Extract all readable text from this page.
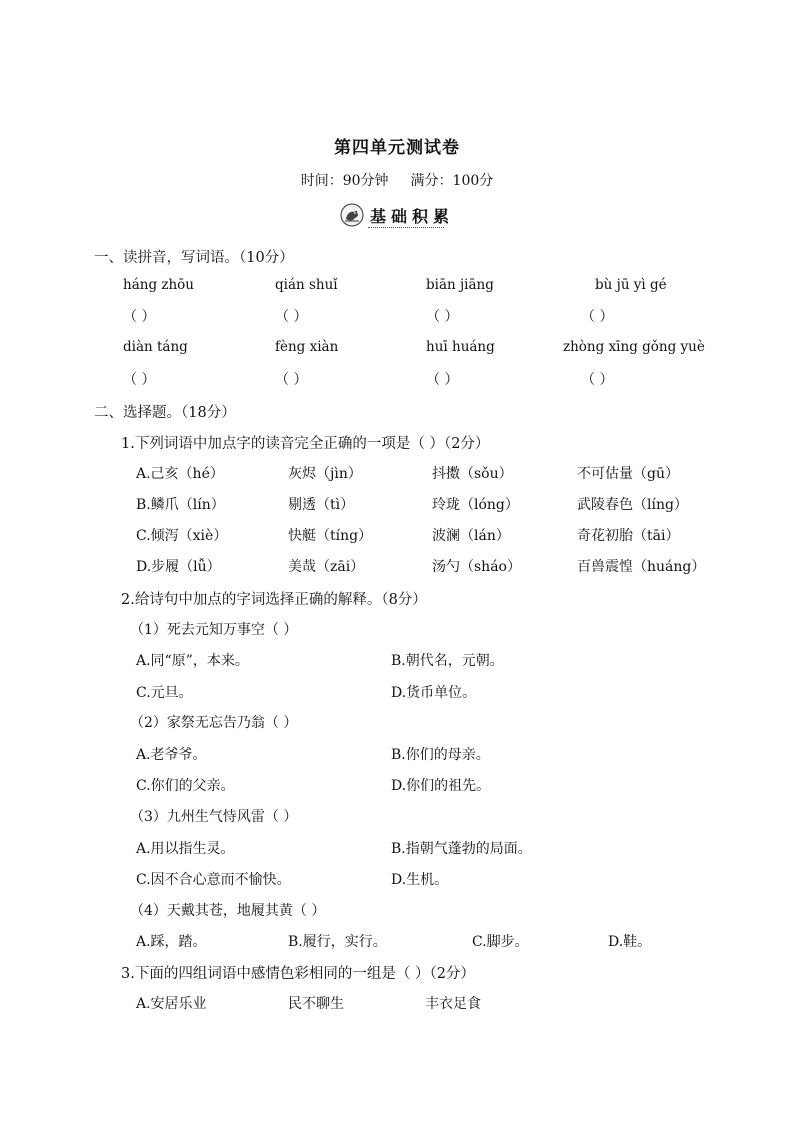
第四单元测试卷
时间：90分钟 满分：100分
基础积累
一、读拼音，写词语。（10分）
háng zhōu	qián shuǐ	biān jiāng	bù jū yì gé
（ ）	（ ）	（ ）	（ ）
diàn táng	fèng xiàn	huī huáng	zhòng xīng gǒng yuè
（ ）	（ ）	（ ）	（ ）
二、选择题。（18分）
1.下列词语中加点字的读音完全正确的一项是（ ）（2分）
A.己亥（hé）	灰烬（jìn）	抖擞（sǒu）	不可估量（gū）
B.鳞爪（lín）	剔透（tì）	玲珑（lóng）	武陵春色（líng）
C.倾泻（xiè）	快艇（tíng）	波澜（lán）	奇花初胎（tāi）
D.步履（lǚ）	美哉（zāi）	汤勺（sháo）	百兽震惶（huáng）
2.给诗句中加点的字词选择正确的解释。（8分）
（1）死去元知万事空（ ）
A.同“原”，本来。	B.朝代名，元朝。
C.元旦。	D.货币单位。
（2）家祭无忘告乃翁（ ）
A.老爷爷。	B.你们的母亲。
C.你们的父亲。	D.你们的祖先。
（3）九州生气恃风雷（ ）
A.用以指生灵。	B.指朝气蓬勃的局面。
C.因不合心意而不愉快。	D.生机。
（4）天戴其苍，地履其黄（ ）
A.踩，踏。	B.履行，实行。	C.脚步。	D.鞋。
3.下面的四组词语中感情色彩相同的一组是（ ）（2分）
A.安居乐业	民不聊生	丰衣足食
